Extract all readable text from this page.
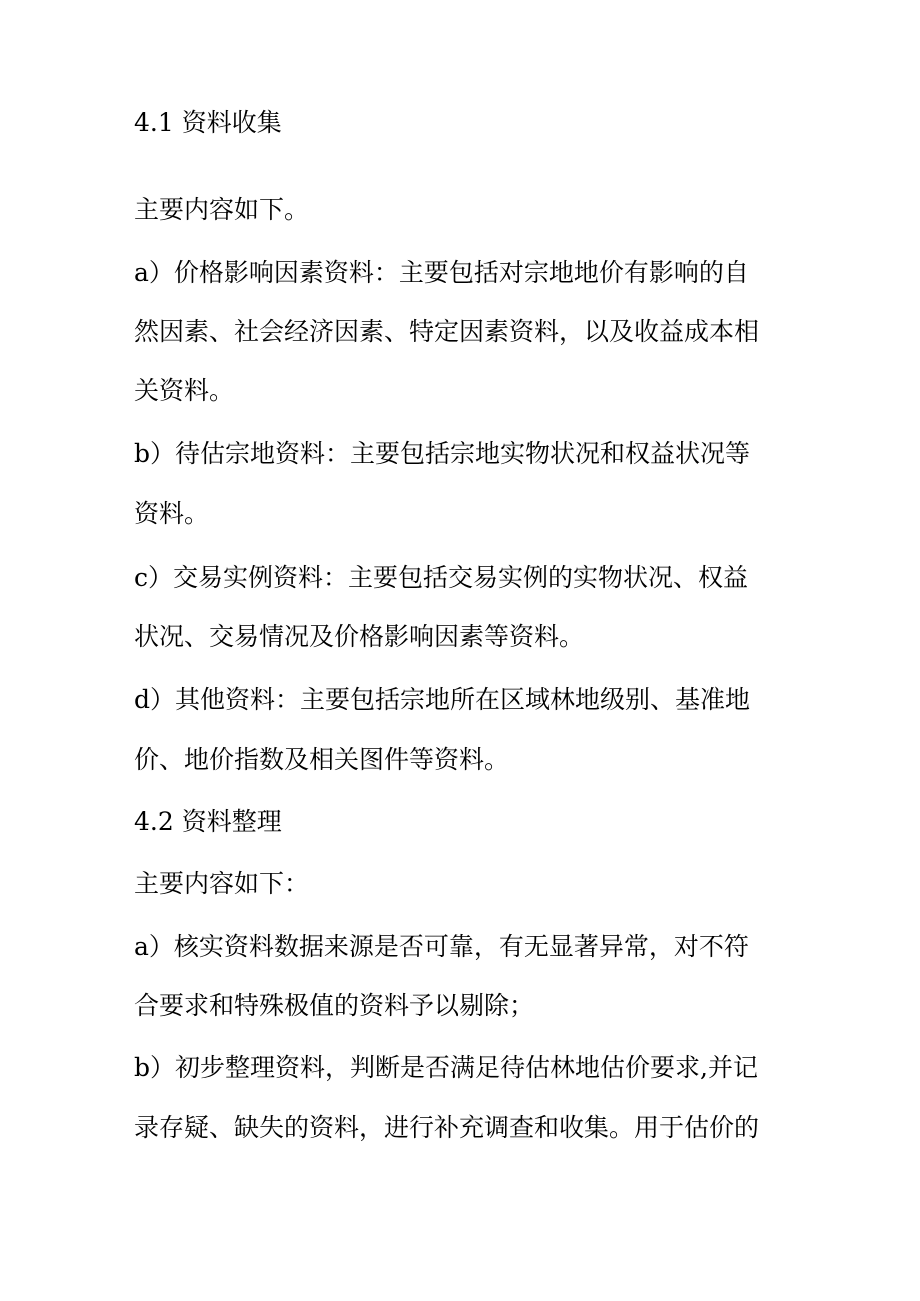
4.1 资料收集
主要内容如下。
a）价格影响因素资料：主要包括对宗地地价有影响的自
然因素、社会经济因素、特定因素资料，以及收益成本相
关资料。
b）待估宗地资料：主要包括宗地实物状况和权益状况等
资料。
c）交易实例资料：主要包括交易实例的实物状况、权益
状况、交易情况及价格影响因素等资料。
d）其他资料：主要包括宗地所在区域林地级别、基准地
价、地价指数及相关图件等资料。
4.2 资料整理
主要内容如下：
a）核实资料数据来源是否可靠，有无显著异常，对不符
合要求和特殊极值的资料予以剔除；
b）初步整理资料，判断是否满足待估林地估价要求,并记
录存疑、缺失的资料，进行补充调查和收集。用于估价的
